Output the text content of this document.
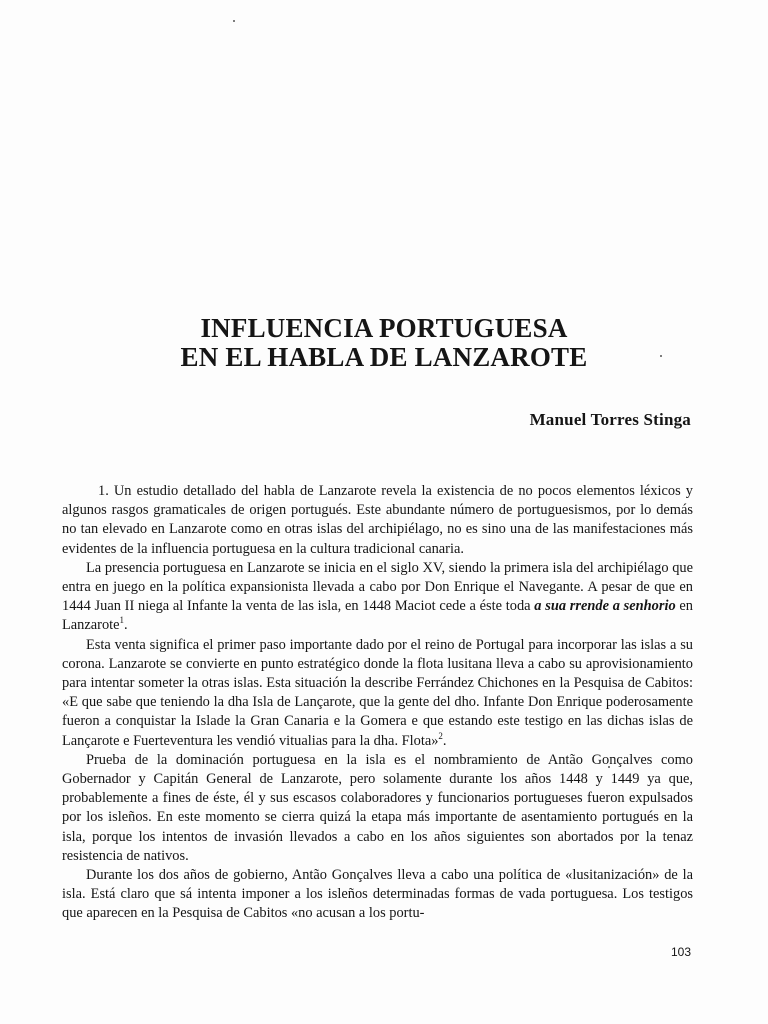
INFLUENCIA PORTUGUESA
EN EL HABLA DE LANZAROTE
Manuel Torres Stinga

1. Un estudio detallado del habla de Lanzarote revela la existencia de no pocos elementos léxicos y algunos rasgos gramaticales de origen portugués. Este abundante número de portuguesismos, por lo demás no tan elevado en Lanzarote como en otras islas del archipiélago, no es sino una de las manifestaciones más evidentes de la influencia portuguesa en la cultura tradicional canaria.

La presencia portuguesa en Lanzarote se inicia en el siglo XV, siendo la primera isla del archipiélago que entra en juego en la política expansionista llevada a cabo por Don Enrique el Navegante. A pesar de que en 1444 Juan II niega al Infante la venta de las isla, en 1448 Maciot cede a éste toda a sua rrende a senhorio en Lanzarote$^1$.

Esta venta significa el primer paso importante dado por el reino de Portugal para incorporar las islas a su corona. Lanzarote se convierte en punto estratégico donde la flota lusitana lleva a cabo su aprovisionamiento para intentar someter la otras islas. Esta situación la describe Ferrández Chichones en la Pesquisa de Cabitos: «E que sabe que teniendo la dha Isla de Lançarote, que la gente del dho. Infante Don Enrique poderosamente fueron a conquistar la Islade la Gran Canaria e la Gomera e que estando este testigo en las dichas islas de Lançarote e Fuerteventura les vendió vitualias para la dha. Flota»$^2$.

Prueba de la dominación portuguesa en la isla es el nombramiento de Antão Gonçalves como Gobernador y Capitán General de Lanzarote, pero solamente durante los años 1448 y 1449 ya que, probablemente a fines de éste, él y sus escasos colaboradores y funcionarios portugueses fueron expulsados por los isleños. En este momento se cierra quizá la etapa más importante de asentamiento portugués en la isla, porque los intentos de invasión llevados a cabo en los años siguientes son abortados por la tenaz resistencia de nativos.

Durante los dos años de gobierno, Antão Gonçalves lleva a cabo una política de «lusitanización» de la isla. Está claro que sá intenta imponer a los isleños determinadas formas de vada portuguesa. Los testigos que aparecen en la Pesquisa de Cabitos «no acusan a los portu-

103
